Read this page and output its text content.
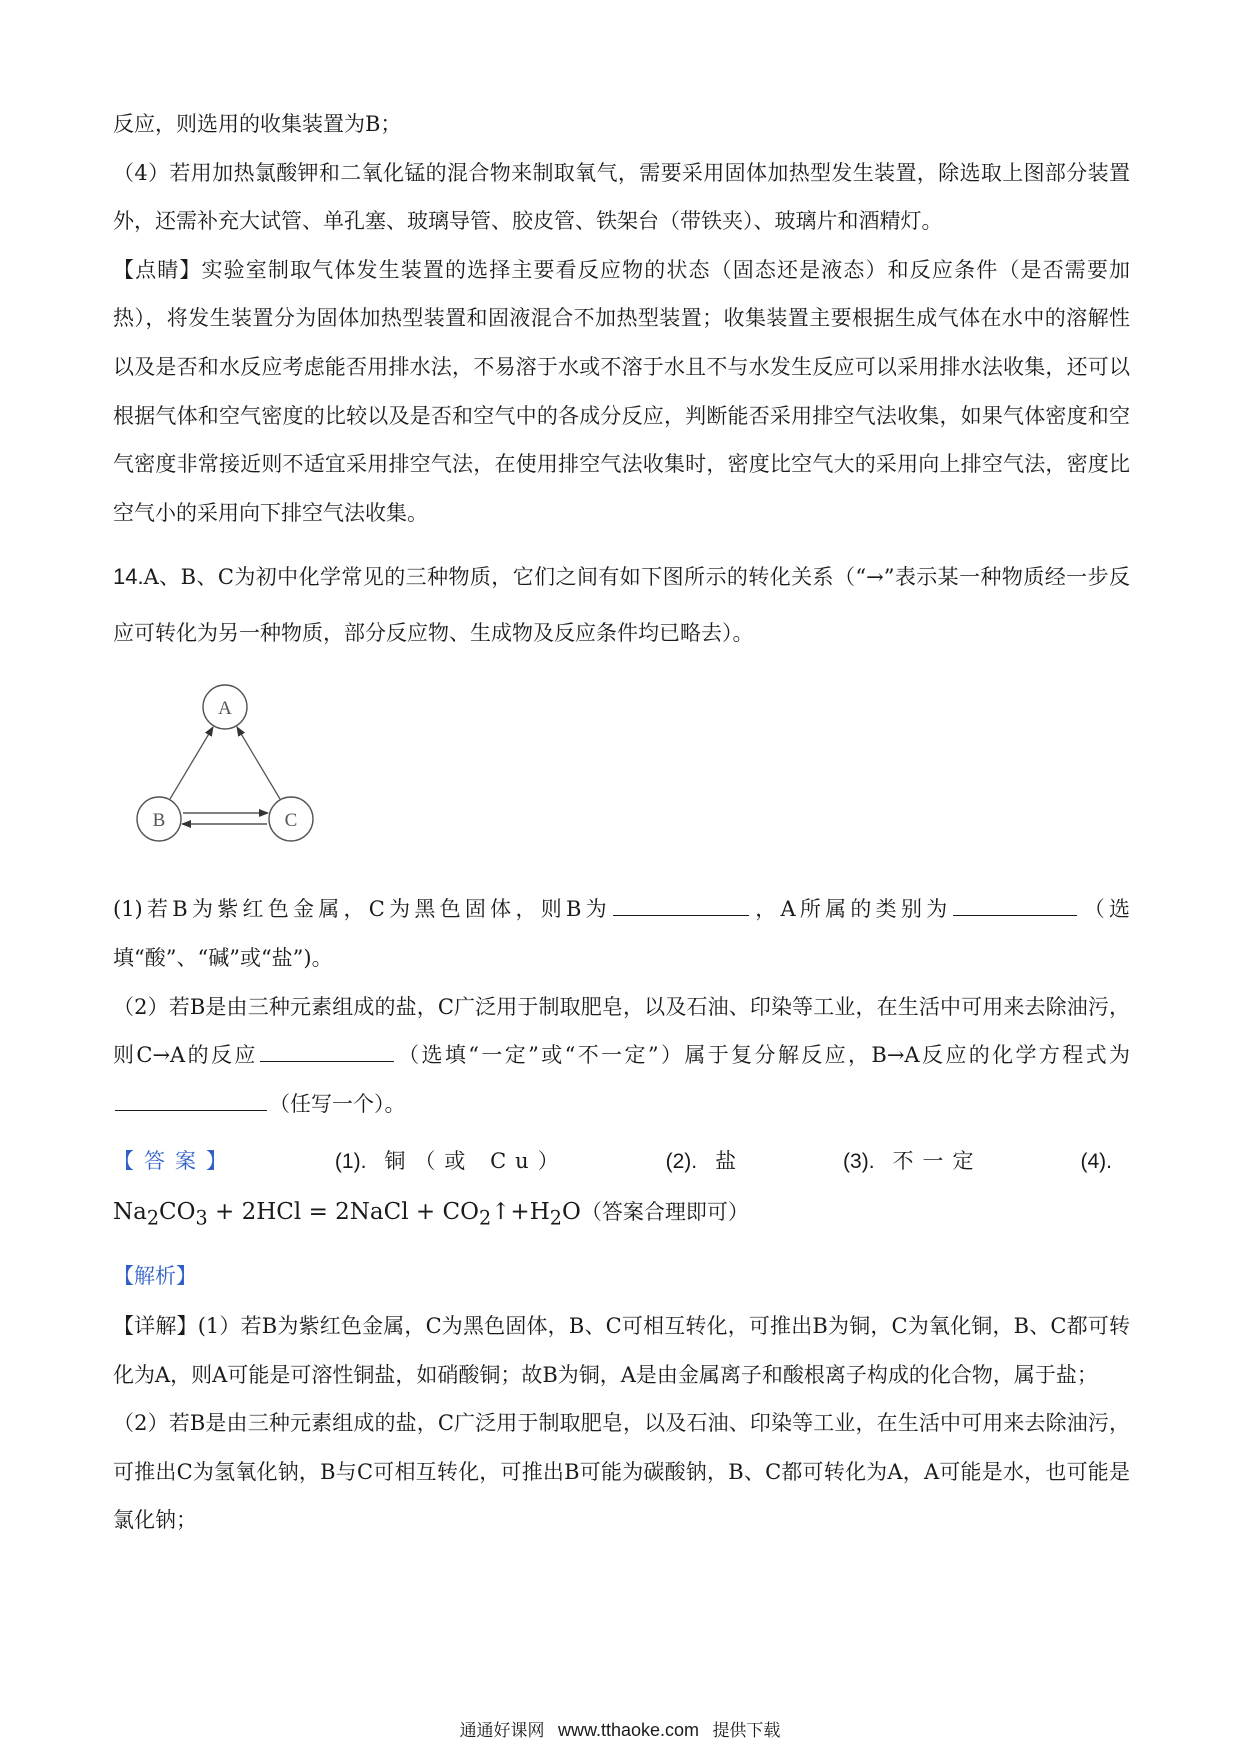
反应，则选用的收集装置为B；

（4）若用加热氯酸钾和二氧化锰的混合物来制取氧气，需要采用固体加热型发生装置，除选取上图部分装置外，还需补充大试管、单孔塞、玻璃导管、胶皮管、铁架台（带铁夹）、玻璃片和酒精灯。

【点睛】实验室制取气体发生装置的选择主要看反应物的状态（固态还是液态）和反应条件（是否需要加热），将发生装置分为固体加热型装置和固液混合不加热型装置；收集装置主要根据生成气体在水中的溶解性以及是否和水反应考虑能否用排水法，不易溶于水或不溶于水且不与水发生反应可以采用排水法收集，还可以根据气体和空气密度的比较以及是否和空气中的各成分反应，判断能否采用排空气法收集，如果气体密度和空气密度非常接近则不适宜采用排空气法，在使用排空气法收集时，密度比空气大的采用向上排空气法，密度比空气小的采用向下排空气法收集。

14.A、B、C为初中化学常见的三种物质，它们之间有如下图所示的转化关系（“→”表示某一种物质经一步反应可转化为另一种物质，部分反应物、生成物及反应条件均已略去）。

A
B	C

(1)若B为紫红色金属，C为黑色固体，则B为	，A所属的类别为	（选填“酸”、“碱”或“盐”)。

（2）若B是由三种元素组成的盐，C广泛用于制取肥皂，以及石油、印染等工业，在生活中可用来去除油污，则C→A的反应	（选填“一定”或“不一定”）属于复分解反应，B→A反应的化学方程式为（任写一个）。

【答案】	(1). 铜（或 Cu）	(2). 盐	(3). 不一定	(4).

$Na_2CO_3 + 2HCl$ = 2NaCl + $CO_2↑+H_2O$（答案合理即可）

【解析】

【详解】(1）若B为紫红色金属，C为黑色固体，B、C可相互转化，可推出B为铜，C为氧化铜，B、C都可转化为A，则A可能是可溶性铜盐，如硝酸铜；故B为铜，A是由金属离子和酸根离子构成的化合物，属于盐；

（2）若B是由三种元素组成的盐，C广泛用于制取肥皂，以及石油、印染等工业，在生活中可用来去除油污，可推出C为氢氧化钠，B与C可相互转化，可推出B可能为碳酸钠，B、C都可转化为A，A可能是水，也可能是氯化钠；

通通好课网 www.tthaoke.com 提供下载
